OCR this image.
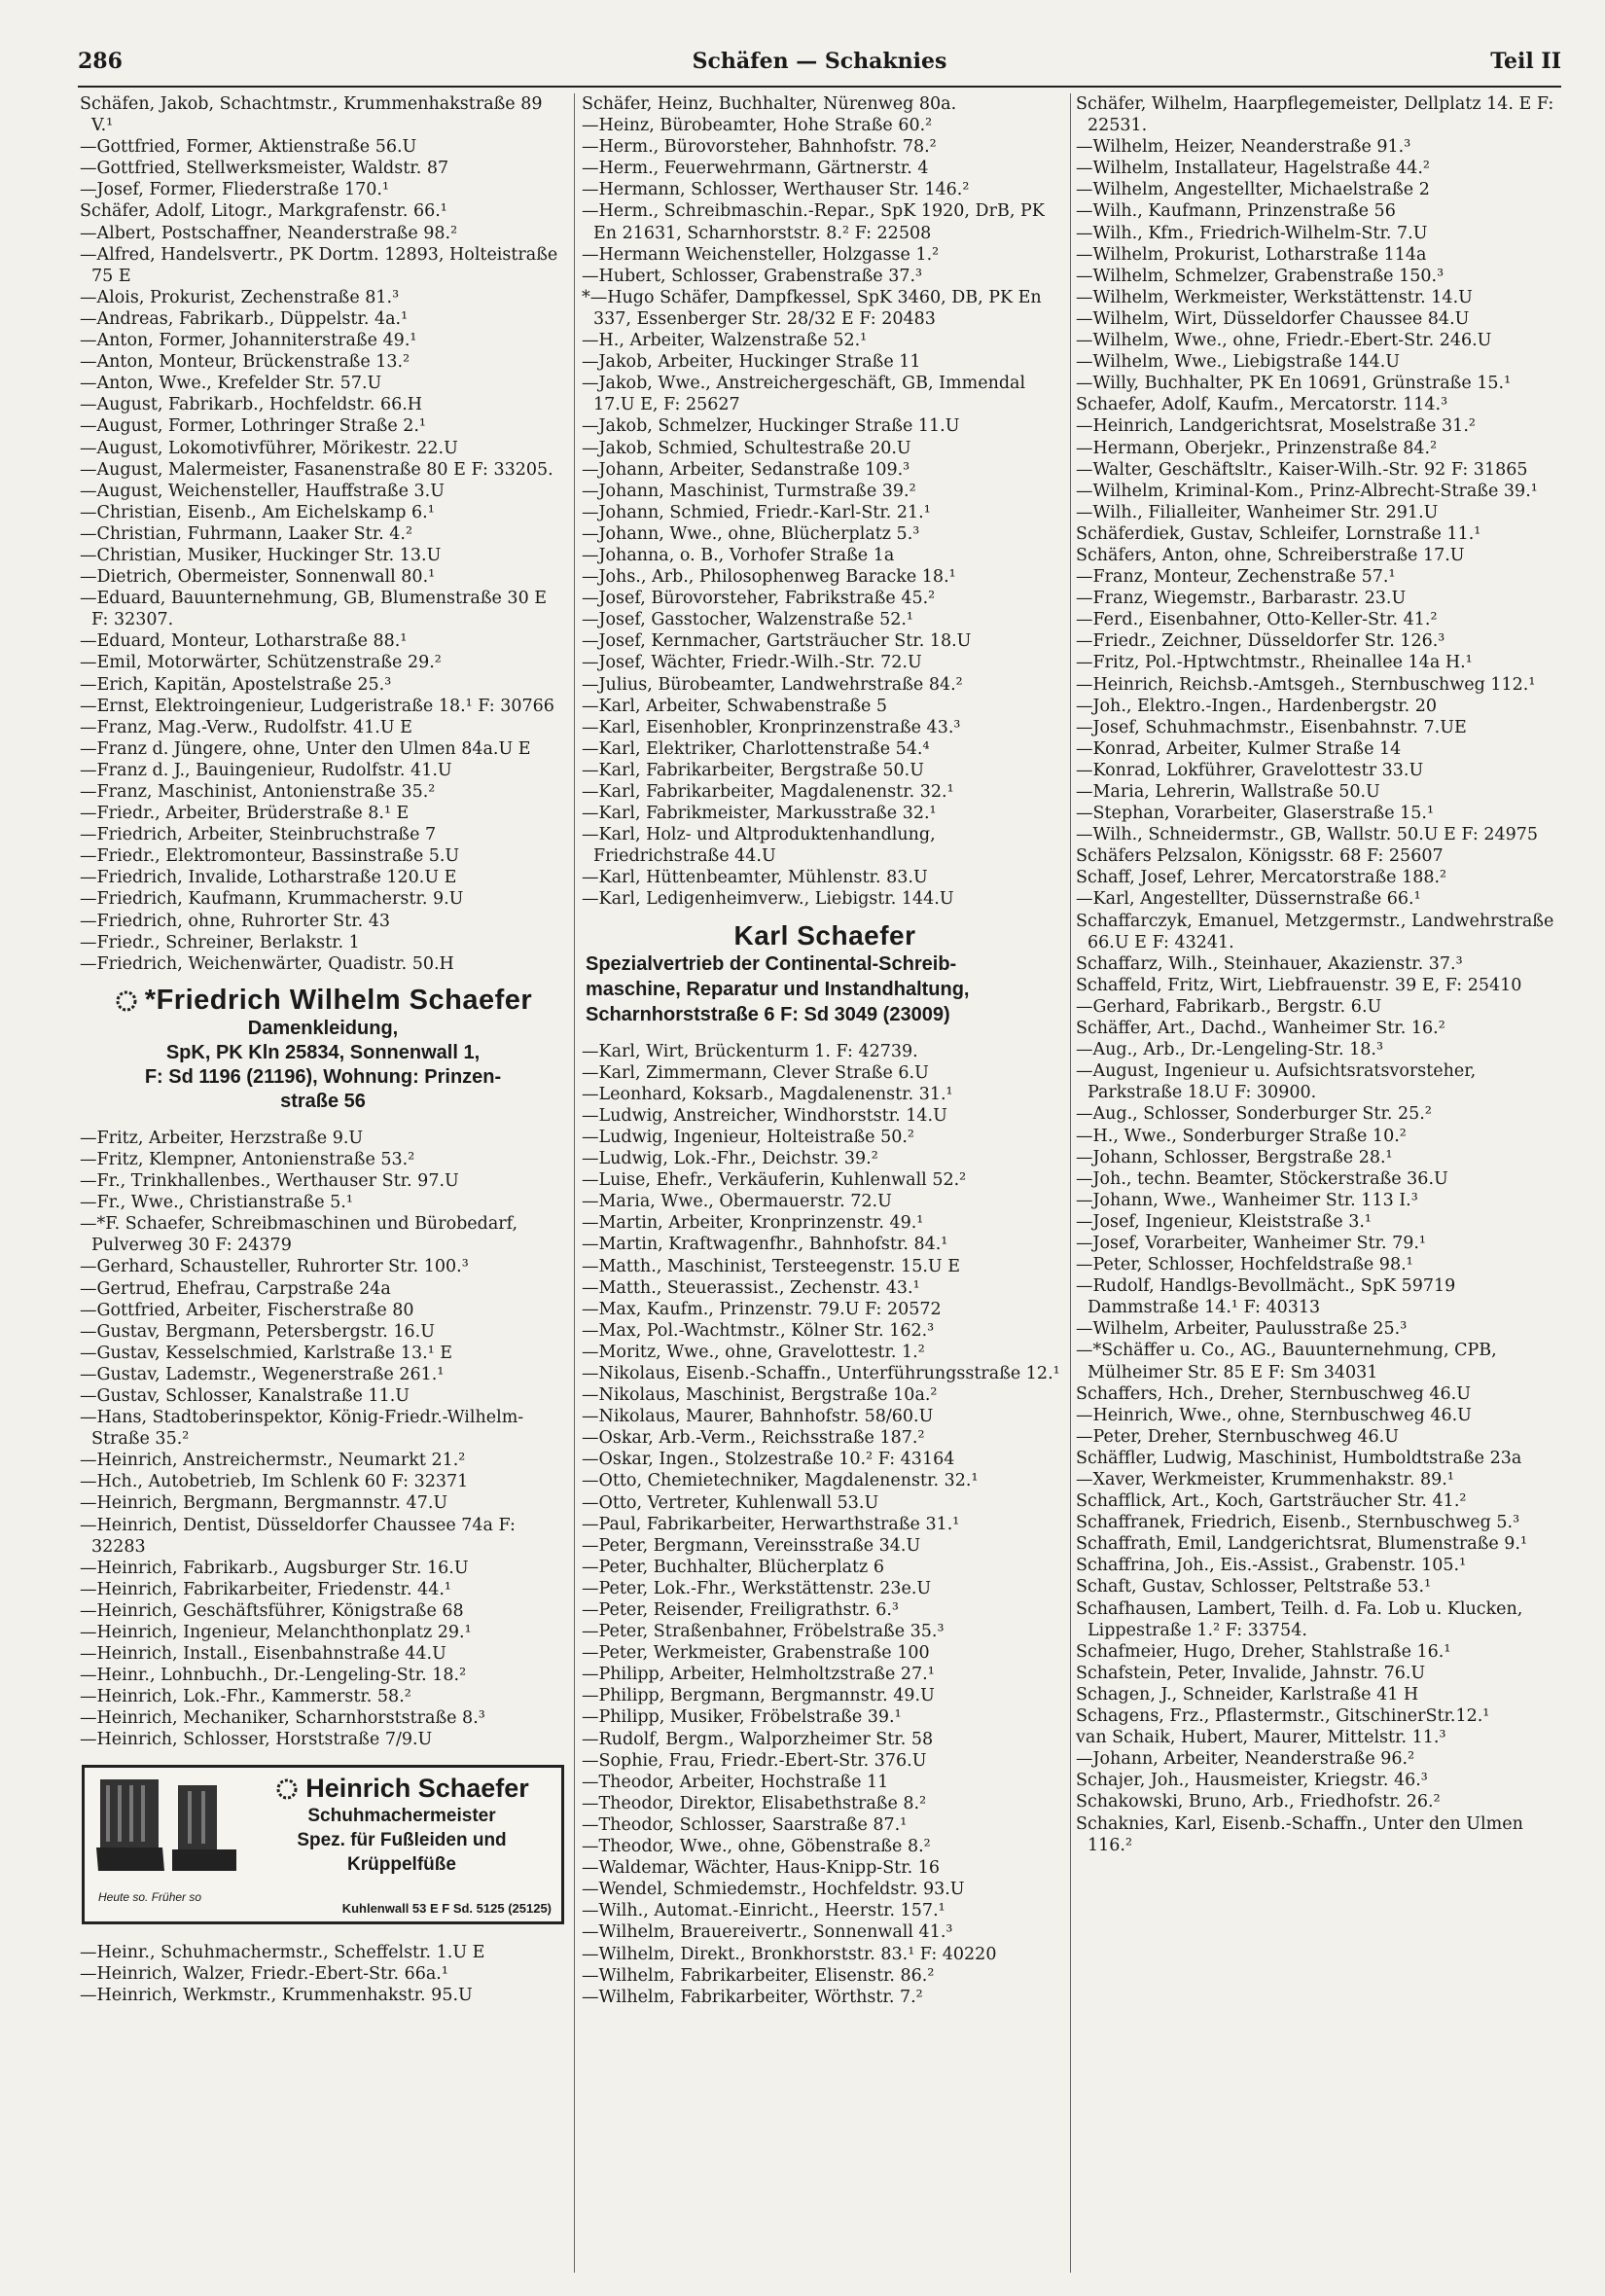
286	Schäfen — Schaknies	Teil II
Schäfen, Jakob, Schachtmstr., Krummenhakstraße 89 V.¹
—Gottfried, Former, Aktienstraße 56.U
—Gottfried, Stellwerksmeister, Waldstr. 87
—Josef, Former, Fliederstraße 170.¹
Schäfer, Adolf, Litogr., Markgrafenstr. 66.¹
—Albert, Postschaffner, Neanderstraße 98.²
—Alfred, Handelsvertr., PK Dortm. 12893, Holteistraße 75 E
—Alois, Prokurist, Zechenstraße 81.³
—Andreas, Fabrikarb., Düppelstr. 4a.¹
—Anton, Former, Johanniterstraße 49.¹
—Anton, Monteur, Brückenstraße 13.²
—Anton, Wwe., Krefelder Str. 57.U
—August, Fabrikarb., Hochfeldstr. 66.H
—August, Former, Lothringer Straße 2.¹
—August, Lokomotivführer, Mörikestr. 22.U
—August, Malermeister, Fasanenstraße 80 E F: 33205.
—August, Weichensteller, Hauffstraße 3.U
—Christian, Eisenb., Am Eichelskamp 6.¹
—Christian, Fuhrmann, Laaker Str. 4.²
—Christian, Musiker, Huckinger Str. 13.U
—Dietrich, Obermeister, Sonnenwall 80.¹
—Eduard, Bauunternehmung, GB, Blumenstraße 30 E F: 32307.
—Eduard, Monteur, Lotharstraße 88.¹
—Emil, Motorwärter, Schützenstraße 29.²
—Erich, Kapitän, Apostelstraße 25.³
—Ernst, Elektroingenieur, Ludgeristraße 18.¹ F: 30766
—Franz, Mag.-Verw., Rudolfstr. 41.U E
—Franz d. Jüngere, ohne, Unter den Ulmen 84a.U E
—Franz d. J., Bauingenieur, Rudolfstr. 41.U
—Franz, Maschinist, Antonienstraße 35.²
—Friedr., Arbeiter, Brüderstraße 8.¹ E
—Friedrich, Arbeiter, Steinbruchstraße 7
—Friedr., Elektromonteur, Bassinstraße 5.U
—Friedrich, Invalide, Lotharstraße 120.U E
—Friedrich, Kaufmann, Krummacherstr. 9.U
—Friedrich, ohne, Ruhrorter Str. 43
—Friedr., Schreiner, Berlakstr. 1
—Friedrich, Weichenwärter, Quadistr. 50.H
*Friedrich Wilhelm Schaefer
Damenkleidung,
SpK, PK Kln 25834, Sonnenwall 1,
F: Sd 1196 (21196), Wohnung: Prinzen-
straße 56
—Fritz, Arbeiter, Herzstraße 9.U
—Fritz, Klempner, Antonienstraße 53.²
—Fr., Trinkhallenbes., Werthauser Str. 97.U
—Fr., Wwe., Christianstraße 5.¹
—*F. Schaefer, Schreibmaschinen und Bürobedarf, Pulverweg 30 F: 24379
—Gerhard, Schausteller, Ruhrorter Str. 100.³
—Gertrud, Ehefrau, Carpstraße 24a
—Gottfried, Arbeiter, Fischerstraße 80
—Gustav, Bergmann, Petersbergstr. 16.U
—Gustav, Kesselschmied, Karlstraße 13.¹ E
—Gustav, Lademstr., Wegenerstraße 261.¹
—Gustav, Schlosser, Kanalstraße 11.U
—Hans, Stadtoberinspektor, König-Friedr.-Wilhelm-Straße 35.²
—Heinrich, Anstreichermstr., Neumarkt 21.²
—Hch., Autobetrieb, Im Schlenk 60 F: 32371
—Heinrich, Bergmann, Bergmannstr. 47.U
—Heinrich, Dentist, Düsseldorfer Chaussee 74a F: 32283
—Heinrich, Fabrikarb., Augsburger Str. 16.U
—Heinrich, Fabrikarbeiter, Friedenstr. 44.¹
—Heinrich, Geschäftsführer, Königstraße 68
—Heinrich, Ingenieur, Melanchthonplatz 29.¹
—Heinrich, Install., Eisenbahnstraße 44.U
—Heinr., Lohnbuchh., Dr.-Lengeling-Str. 18.²
—Heinrich, Lok.-Fhr., Kammerstr. 58.²
—Heinrich, Mechaniker, Scharnhorststraße 8.³
—Heinrich, Schlosser, Horststraße 7/9.U
Heute so. Früher so
Heinrich Schaefer
Schuhmachermeister
Spez. für Fußleiden und
Krüppelfüße
Kuhlenwall 53 E F Sd. 5125 (25125)
—Heinr., Schuhmachermstr., Scheffelstr. 1.U E
—Heinrich, Walzer, Friedr.-Ebert-Str. 66a.¹
—Heinrich, Werkmstr., Krummenhakstr. 95.U
Schäfer, Heinz, Buchhalter, Nürenweg 80a.
—Heinz, Bürobeamter, Hohe Straße 60.²
—Herm., Bürovorsteher, Bahnhofstr. 78.²
—Herm., Feuerwehrmann, Gärtnerstr. 4
—Hermann, Schlosser, Werthauser Str. 146.²
—Herm., Schreibmaschin.-Repar., SpK 1920, DrB, PK En 21631, Scharnhorststr. 8.² F: 22508
—Hermann Weichensteller, Holzgasse 1.²
—Hubert, Schlosser, Grabenstraße 37.³
*—Hugo Schäfer, Dampfkessel, SpK 3460, DB, PK En 337, Essenberger Str. 28/32 E F: 20483
—H., Arbeiter, Walzenstraße 52.¹
—Jakob, Arbeiter, Huckinger Straße 11
—Jakob, Wwe., Anstreichergeschäft, GB, Immendal 17.U E, F: 25627
—Jakob, Schmelzer, Huckinger Straße 11.U
—Jakob, Schmied, Schultestraße 20.U
—Johann, Arbeiter, Sedanstraße 109.³
—Johann, Maschinist, Turmstraße 39.²
—Johann, Schmied, Friedr.-Karl-Str. 21.¹
—Johann, Wwe., ohne, Blücherplatz 5.³
—Johanna, o. B., Vorhofer Straße 1a
—Johs., Arb., Philosophenweg Baracke 18.¹
—Josef, Bürovorsteher, Fabrikstraße 45.²
—Josef, Gasstocher, Walzenstraße 52.¹
—Josef, Kernmacher, Gartsträucher Str. 18.U
—Josef, Wächter, Friedr.-Wilh.-Str. 72.U
—Julius, Bürobeamter, Landwehrstraße 84.²
—Karl, Arbeiter, Schwabenstraße 5
—Karl, Eisenhobler, Kronprinzenstraße 43.³
—Karl, Elektriker, Charlottenstraße 54.⁴
—Karl, Fabrikarbeiter, Bergstraße 50.U
—Karl, Fabrikarbeiter, Magdalenenstr. 32.¹
—Karl, Fabrikmeister, Markusstraße 32.¹
—Karl, Holz- und Altproduktenhandlung, Friedrichstraße 44.U
—Karl, Hüttenbeamter, Mühlenstr. 83.U
—Karl, Ledigenheimverw., Liebigstr. 144.U
Karl Schaefer
Spezialvertrieb der Continental-Schreib-
maschine, Reparatur und Instandhaltung,
Scharnhorststraße 6 F: Sd 3049 (23009)
—Karl, Wirt, Brückenturm 1. F: 42739.
—Karl, Zimmermann, Clever Straße 6.U
—Leonhard, Koksarb., Magdalenenstr. 31.¹
—Ludwig, Anstreicher, Windhorststr. 14.U
—Ludwig, Ingenieur, Holteistraße 50.²
—Ludwig, Lok.-Fhr., Deichstr. 39.²
—Luise, Ehefr., Verkäuferin, Kuhlenwall 52.²
—Maria, Wwe., Obermauerstr. 72.U
—Martin, Arbeiter, Kronprinzenstr. 49.¹
—Martin, Kraftwagenfhr., Bahnhofstr. 84.¹
—Matth., Maschinist, Tersteegenstr. 15.U E
—Matth., Steuerassist., Zechenstr. 43.¹
—Max, Kaufm., Prinzenstr. 79.U F: 20572
—Max, Pol.-Wachtmstr., Kölner Str. 162.³
—Moritz, Wwe., ohne, Gravelottestr. 1.²
—Nikolaus, Eisenb.-Schaffn., Unterführungsstraße 12.¹
—Nikolaus, Maschinist, Bergstraße 10a.²
—Nikolaus, Maurer, Bahnhofstr. 58/60.U
—Oskar, Arb.-Verm., Reichsstraße 187.²
—Oskar, Ingen., Stolzestraße 10.² F: 43164
—Otto, Chemietechniker, Magdalenenstr. 32.¹
—Otto, Vertreter, Kuhlenwall 53.U
—Paul, Fabrikarbeiter, Herwarthstraße 31.¹
—Peter, Bergmann, Vereinsstraße 34.U
—Peter, Buchhalter, Blücherplatz 6
—Peter, Lok.-Fhr., Werkstättenstr. 23e.U
—Peter, Reisender, Freiligrathstr. 6.³
—Peter, Straßenbahner, Fröbelstraße 35.³
—Peter, Werkmeister, Grabenstraße 100
—Philipp, Arbeiter, Helmholtzstraße 27.¹
—Philipp, Bergmann, Bergmannstr. 49.U
—Philipp, Musiker, Fröbelstraße 39.¹
—Rudolf, Bergm., Walporzheimer Str. 58
—Sophie, Frau, Friedr.-Ebert-Str. 376.U
—Theodor, Arbeiter, Hochstraße 11
—Theodor, Direktor, Elisabethstraße 8.²
—Theodor, Schlosser, Saarstraße 87.¹
—Theodor, Wwe., ohne, Göbenstraße 8.²
—Waldemar, Wächter, Haus-Knipp-Str. 16
—Wendel, Schmiedemstr., Hochfeldstr. 93.U
—Wilh., Automat.-Einricht., Heerstr. 157.¹
—Wilhelm, Brauereivertr., Sonnenwall 41.³
—Wilhelm, Direkt., Bronkhorststr. 83.¹ F: 40220
—Wilhelm, Fabrikarbeiter, Elisenstr. 86.²
—Wilhelm, Fabrikarbeiter, Wörthstr. 7.²
Schäfer, Wilhelm, Haarpflegemeister, Dellplatz 14. E F: 22531.
—Wilhelm, Heizer, Neanderstraße 91.³
—Wilhelm, Installateur, Hagelstraße 44.²
—Wilhelm, Angestellter, Michaelstraße 2
—Wilh., Kaufmann, Prinzenstraße 56
—Wilh., Kfm., Friedrich-Wilhelm-Str. 7.U
—Wilhelm, Prokurist, Lotharstraße 114a
—Wilhelm, Schmelzer, Grabenstraße 150.³
—Wilhelm, Werkmeister, Werkstättenstr. 14.U
—Wilhelm, Wirt, Düsseldorfer Chaussee 84.U
—Wilhelm, Wwe., ohne, Friedr.-Ebert-Str. 246.U
—Wilhelm, Wwe., Liebigstraße 144.U
—Willy, Buchhalter, PK En 10691, Grünstraße 15.¹
Schaefer, Adolf, Kaufm., Mercatorstr. 114.³
—Heinrich, Landgerichtsrat, Moselstraße 31.²
—Hermann, Oberjekr., Prinzenstraße 84.²
—Walter, Geschäftsltr., Kaiser-Wilh.-Str. 92 F: 31865
—Wilhelm, Kriminal-Kom., Prinz-Albrecht-Straße 39.¹
—Wilh., Filialleiter, Wanheimer Str. 291.U
Schäferdiek, Gustav, Schleifer, Lornstraße 11.¹
Schäfers, Anton, ohne, Schreiberstraße 17.U
—Franz, Monteur, Zechenstraße 57.¹
—Franz, Wiegemstr., Barbarastr. 23.U
—Ferd., Eisenbahner, Otto-Keller-Str. 41.²
—Friedr., Zeichner, Düsseldorfer Str. 126.³
—Fritz, Pol.-Hptwchtmstr., Rheinallee 14a H.¹
—Heinrich, Reichsb.-Amtsgeh., Sternbuschweg 112.¹
—Joh., Elektro.-Ingen., Hardenbergstr. 20
—Josef, Schuhmachmstr., Eisenbahnstr. 7.UE
—Konrad, Arbeiter, Kulmer Straße 14
—Konrad, Lokführer, Gravelottestr 33.U
—Maria, Lehrerin, Wallstraße 50.U
—Stephan, Vorarbeiter, Glaserstraße 15.¹
—Wilh., Schneidermstr., GB, Wallstr. 50.U E F: 24975
Schäfers Pelzsalon, Königsstr. 68 F: 25607
Schaff, Josef, Lehrer, Mercatorstraße 188.²
—Karl, Angestellter, Düssernstraße 66.¹
Schaffarczyk, Emanuel, Metzgermstr., Landwehrstraße 66.U E F: 43241.
Schaffarz, Wilh., Steinhauer, Akazienstr. 37.³
Schaffeld, Fritz, Wirt, Liebfrauenstr. 39 E, F: 25410
—Gerhard, Fabrikarb., Bergstr. 6.U
Schäffer, Art., Dachd., Wanheimer Str. 16.²
—Aug., Arb., Dr.-Lengeling-Str. 18.³
—August, Ingenieur u. Aufsichtsratsvorsteher, Parkstraße 18.U F: 30900.
—Aug., Schlosser, Sonderburger Str. 25.²
—H., Wwe., Sonderburger Straße 10.²
—Johann, Schlosser, Bergstraße 28.¹
—Joh., techn. Beamter, Stöckerstraße 36.U
—Johann, Wwe., Wanheimer Str. 113 I.³
—Josef, Ingenieur, Kleiststraße 3.¹
—Josef, Vorarbeiter, Wanheimer Str. 79.¹
—Peter, Schlosser, Hochfeldstraße 98.¹
—Rudolf, Handlgs-Bevollmächt., SpK 59719 Dammstraße 14.¹ F: 40313
—Wilhelm, Arbeiter, Paulusstraße 25.³
—*Schäffer u. Co., AG., Bauunternehmung, CPB, Mülheimer Str. 85 E F: Sm 34031
Schaffers, Hch., Dreher, Sternbuschweg 46.U
—Heinrich, Wwe., ohne, Sternbuschweg 46.U
—Peter, Dreher, Sternbuschweg 46.U
Schäffler, Ludwig, Maschinist, Humboldtstraße 23a
—Xaver, Werkmeister, Krummenhakstr. 89.¹
Schafflick, Art., Koch, Gartsträucher Str. 41.²
Schaffranek, Friedrich, Eisenb., Sternbuschweg 5.³
Schaffrath, Emil, Landgerichtsrat, Blumenstraße 9.¹
Schaffrina, Joh., Eis.-Assist., Grabenstr. 105.¹
Schaft, Gustav, Schlosser, Peltstraße 53.¹
Schafhausen, Lambert, Teilh. d. Fa. Lob u. Klucken, Lippestraße 1.² F: 33754.
Schafmeier, Hugo, Dreher, Stahlstraße 16.¹
Schafstein, Peter, Invalide, Jahnstr. 76.U
Schagen, J., Schneider, Karlstraße 41 H
Schagens, Frz., Pflastermstr., GitschinerStr.12.¹
van Schaik, Hubert, Maurer, Mittelstr. 11.³
—Johann, Arbeiter, Neanderstraße 96.²
Schajer, Joh., Hausmeister, Kriegstr. 46.³
Schakowski, Bruno, Arb., Friedhofstr. 26.²
Schaknies, Karl, Eisenb.-Schaffn., Unter den Ulmen 116.²
